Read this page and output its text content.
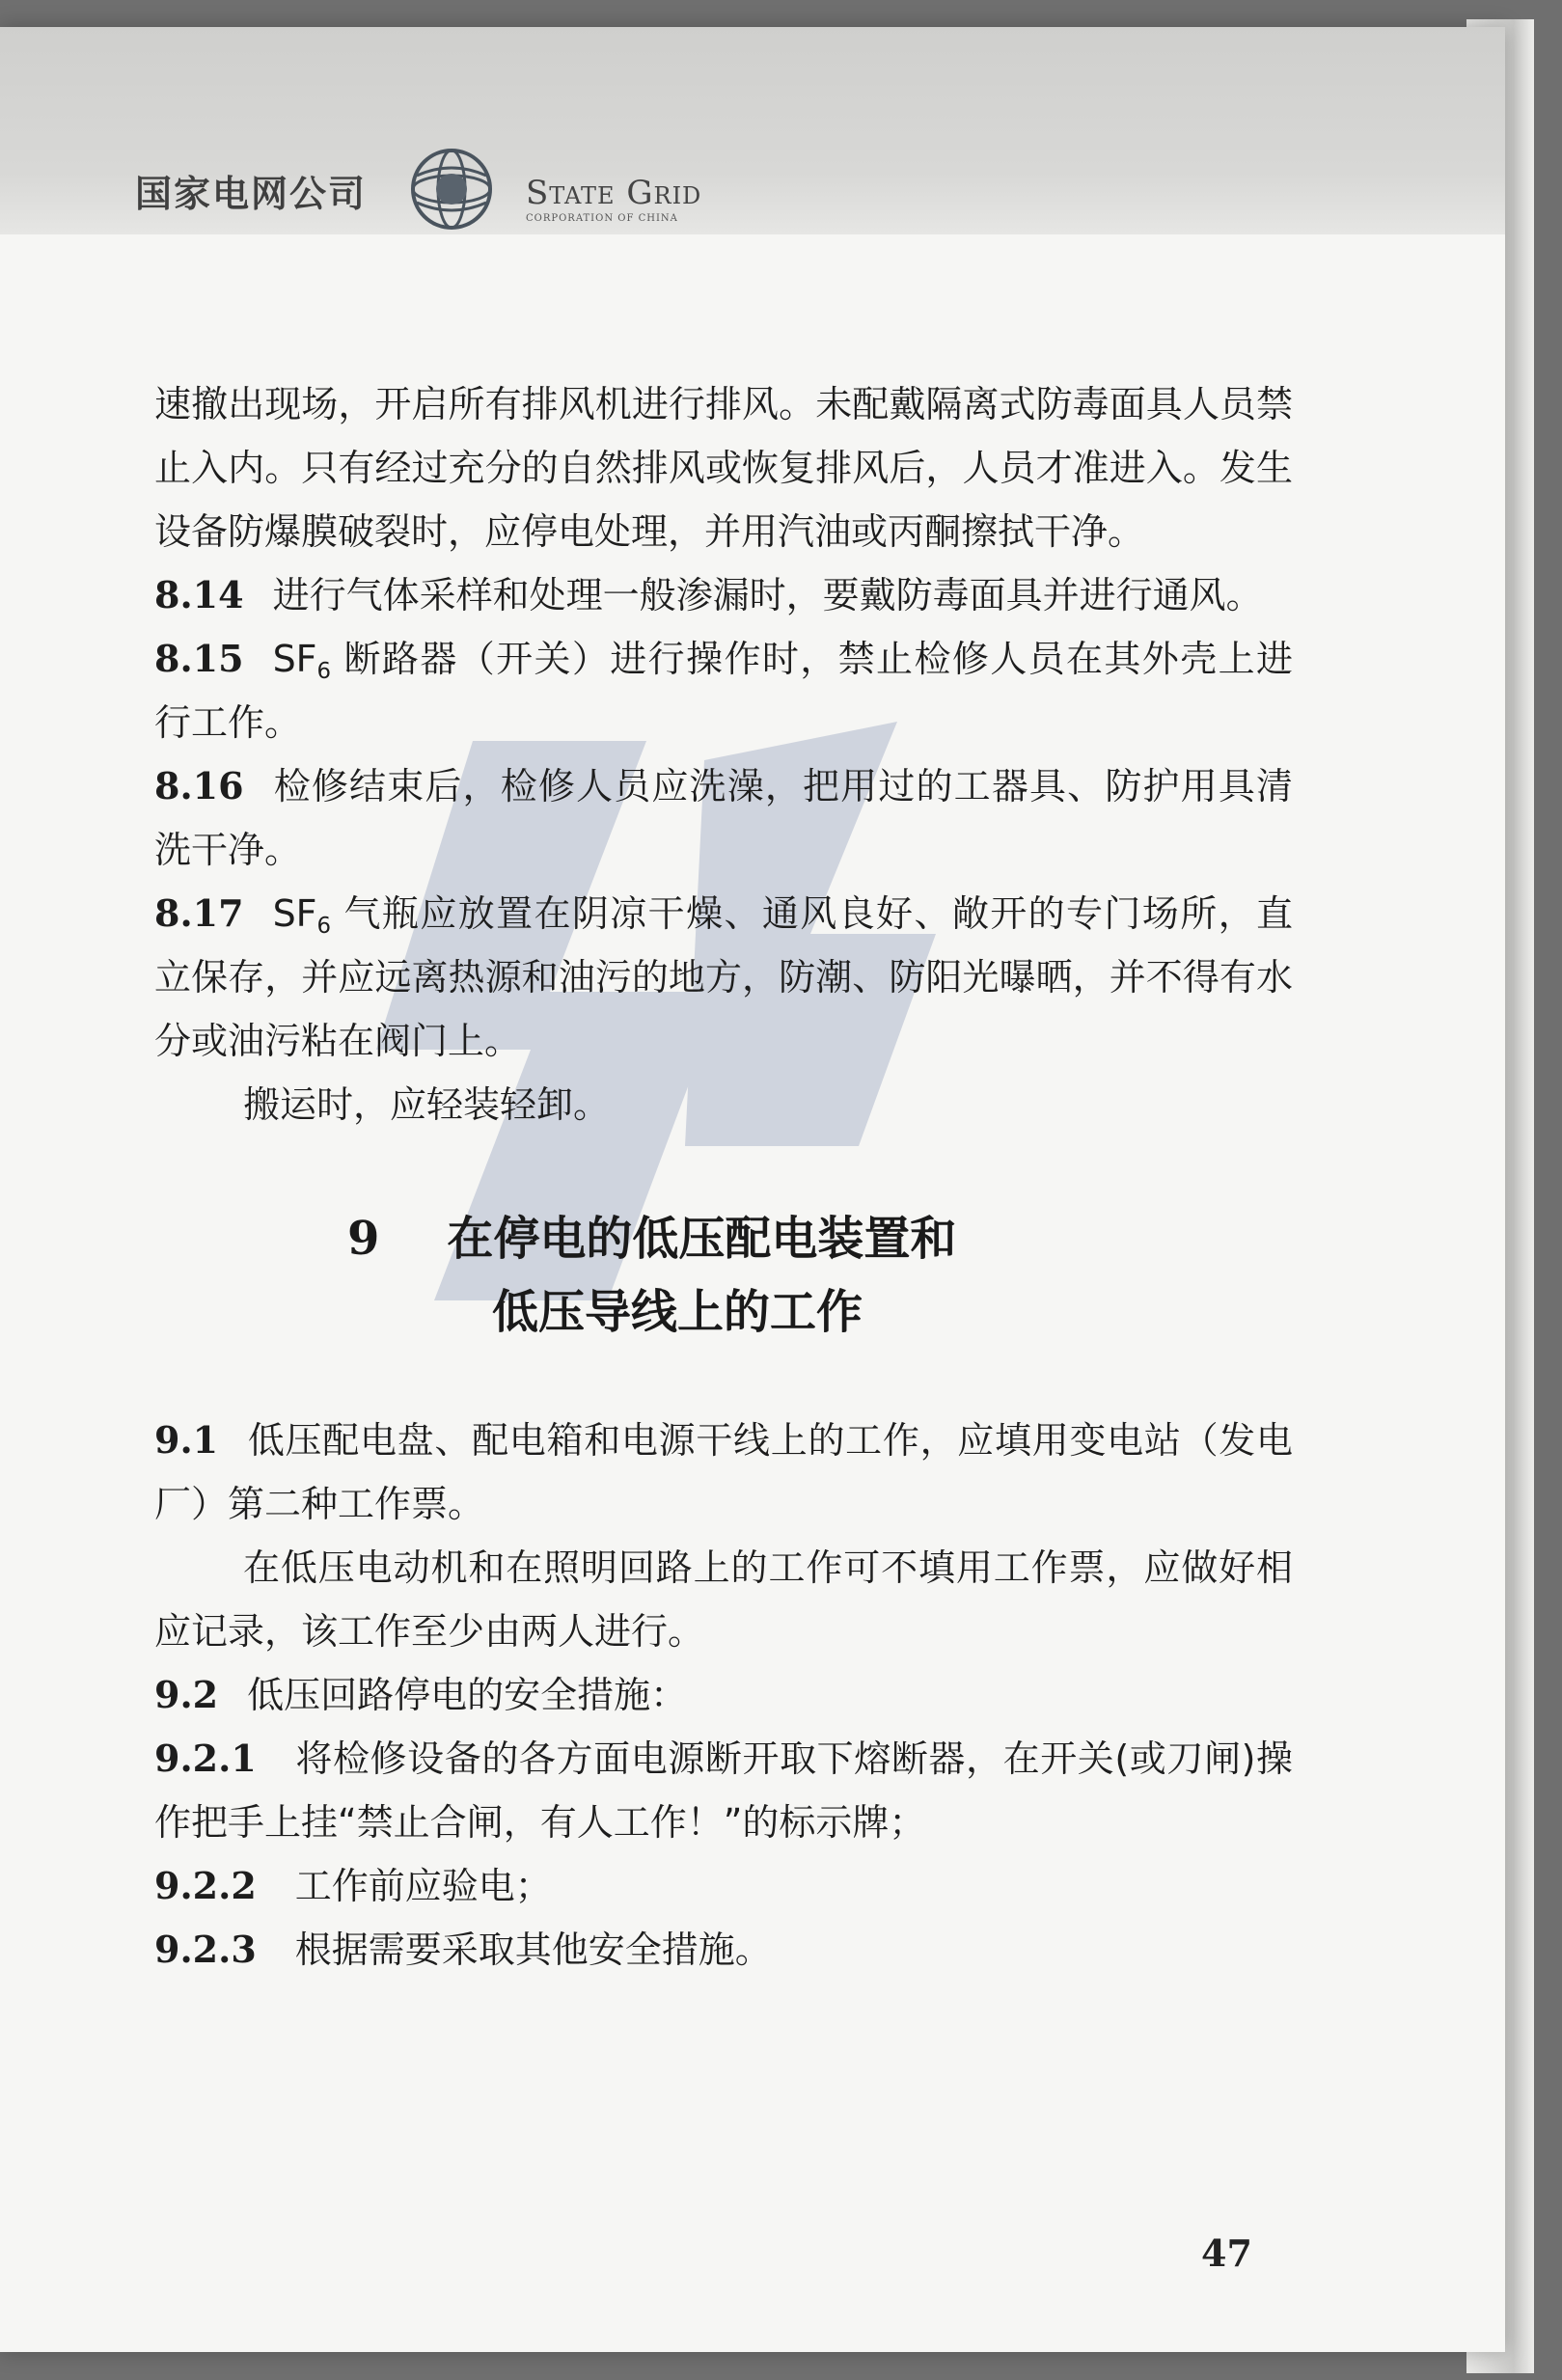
国家电网公司	State Grid
CORPORATION OF CHINA

速撤出现场，开启所有排风机进行排风。未配戴隔离式防毒面具人员禁止入内。只有经过充分的自然排风或恢复排风后，人员才准进入。发生设备防爆膜破裂时，应停电处理，并用汽油或丙酮擦拭干净。

8.14 进行气体采样和处理一般渗漏时，要戴防毒面具并进行通风。

8.15 $SF_6$ 断路器（开关）进行操作时，禁止检修人员在其外壳上进行工作。

8.16 检修结束后，检修人员应洗澡，把用过的工器具、防护用具清洗干净。

8.17 $SF_6$ 气瓶应放置在阴凉干燥、通风良好、敞开的专门场所，直立保存，并应远离热源和油污的地方，防潮、防阳光曝晒，并不得有水分或油污粘在阀门上。

搬运时，应轻装轻卸。

9 在停电的低压配电装置和
低压导线上的工作

9.1 低压配电盘、配电箱和电源干线上的工作，应填用变电站（发电厂）第二种工作票。

在低压电动机和在照明回路上的工作可不填用工作票，应做好相应记录，该工作至少由两人进行。

9.2 低压回路停电的安全措施：

9.2.1 将检修设备的各方面电源断开取下熔断器，在开关(或刀闸)操作把手上挂“禁止合闸，有人工作！”的标示牌；

9.2.2 工作前应验电；

9.2.3 根据需要采取其他安全措施。

47
